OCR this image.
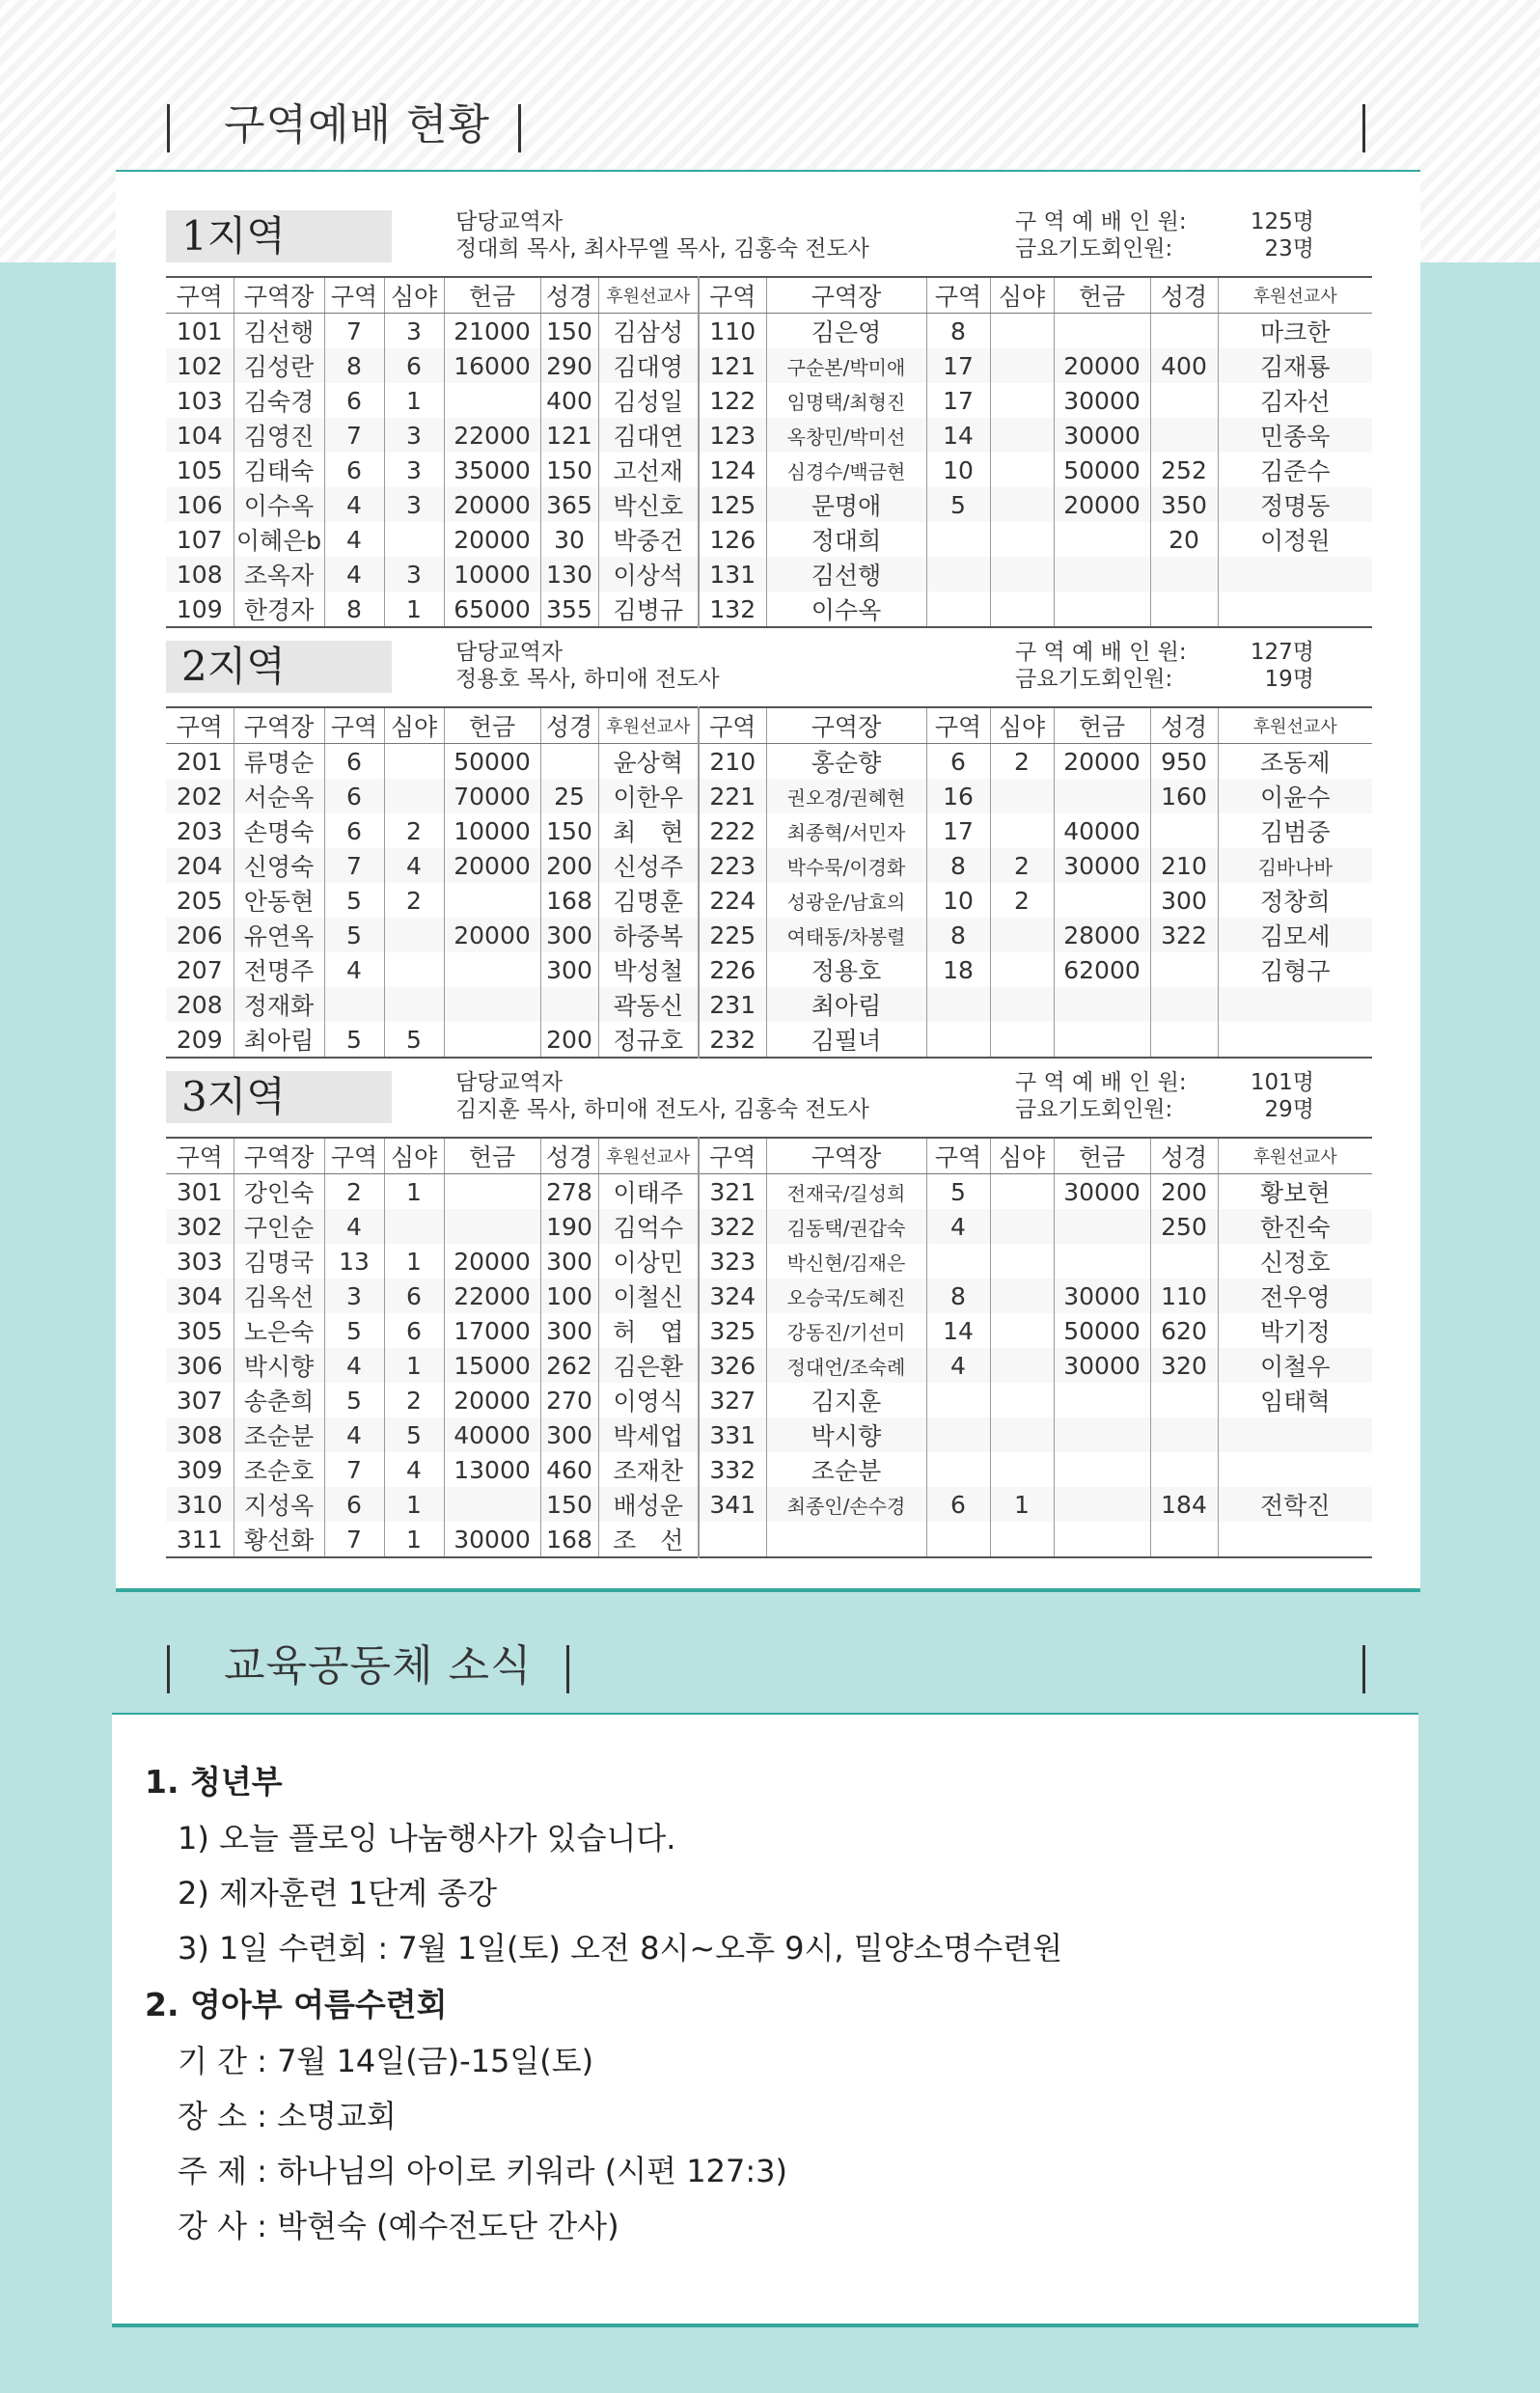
구역예배 현황
1지역	담당교역자
정대희 목사, 최사무엘 목사, 김홍숙 전도사
구 역 예 배 인 원:	125명
금요기도회인원:	23명
구역	구역장	구역	심야	헌금	성경	후원선교사	구역	구역장	구역	심야	헌금	성경	후원선교사
101	김선행	7	3	21000	150	김삼성	110	김은영	8				마크한
102	김성란	8	6	16000	290	김대영	121	구순본/박미애	17		20000	400	김재룡
103	김숙경	6	1		400	김성일	122	임명택/최형진	17		30000		김자선
104	김영진	7	3	22000	121	김대연	123	옥창민/박미선	14		30000		민종욱
105	김태숙	6	3	35000	150	고선재	124	심경수/백금현	10		50000	252	김준수
106	이수옥	4	3	20000	365	박신호	125	문명애	5		20000	350	정명동
107	이혜은b	4		20000	30	박중건	126	정대희				20	이정원
108	조옥자	4	3	10000	130	이상석	131	김선행					
109	한경자	8	1	65000	355	김병규	132	이수옥					
2지역	담당교역자
정용호 목사, 하미애 전도사
구 역 예 배 인 원:	127명
금요기도회인원:	19명
구역	구역장	구역	심야	헌금	성경	후원선교사	구역	구역장	구역	심야	헌금	성경	후원선교사
201	류명순	6		50000		윤상혁	210	홍순향	6	2	20000	950	조동제
202	서순옥	6		70000	25	이한우	221	권오경/권혜현	16			160	이윤수
203	손명숙	6	2	10000	150	최　현	222	최종혁/서민자	17		40000		김범중
204	신영숙	7	4	20000	200	신성주	223	박수묵/이경화	8	2	30000	210	김바나바
205	안동현	5	2		168	김명훈	224	성광운/남효의	10	2		300	정창희
206	유연옥	5		20000	300	하중복	225	여태동/차봉렬	8		28000	322	김모세
207	전명주	4			300	박성철	226	정용호	18		62000		김형구
208	정재화					곽동신	231	최아림					
209	최아림	5	5		200	정규호	232	김필녀					
3지역	담당교역자
김지훈 목사, 하미애 전도사, 김홍숙 전도사
구 역 예 배 인 원:	101명
금요기도회인원:	29명
구역	구역장	구역	심야	헌금	성경	후원선교사	구역	구역장	구역	심야	헌금	성경	후원선교사
301	강인숙	2	1		278	이태주	321	전재국/길성희	5		30000	200	황보현
302	구인순	4			190	김억수	322	김동택/권갑숙	4			250	한진숙
303	김명국	13	1	20000	300	이상민	323	박신현/김재은					신정호
304	김옥선	3	6	22000	100	이철신	324	오승국/도혜진	8		30000	110	전우영
305	노은숙	5	6	17000	300	허　엽	325	강동진/기선미	14		50000	620	박기정
306	박시향	4	1	15000	262	김은환	326	정대언/조숙례	4		30000	320	이철우
307	송춘희	5	2	20000	270	이영식	327	김지훈					임태혁
308	조순분	4	5	40000	300	박세업	331	박시향					
309	조순호	7	4	13000	460	조재찬	332	조순분					
310	지성옥	6	1		150	배성운	341	최종인/손수경	6	1		184	전학진
311	황선화	7	1	30000	168	조　선							
교육공동체 소식
1. 청년부
1) 오늘 플로잉 나눔행사가 있습니다.
2) 제자훈련 1단계 종강
3) 1일 수련회 : 7월 1일(토) 오전 8시~오후 9시, 밀양소명수련원
2. 영아부 여름수련회
기 간 : 7월 14일(금)-15일(토)
장 소 : 소명교회
주 제 : 하나님의 아이로 키워라 (시편 127:3)
강 사 : 박현숙 (예수전도단 간사)
